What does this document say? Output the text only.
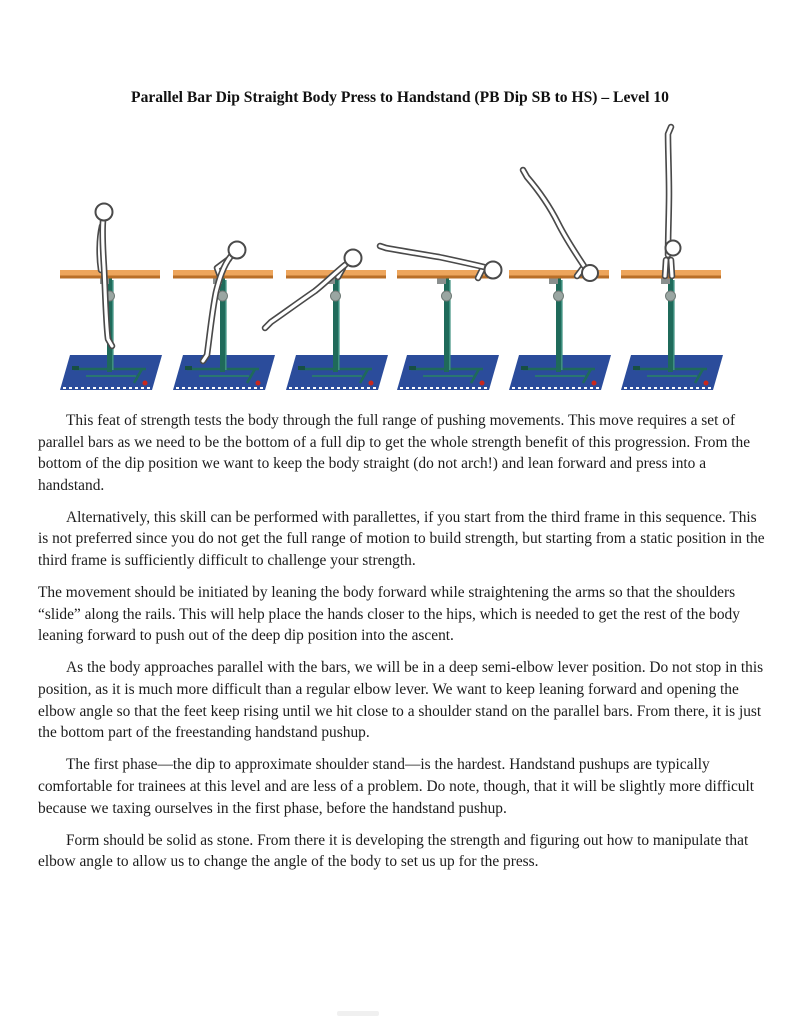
Parallel Bar Dip Straight Body Press to Handstand (PB Dip SB to HS) – Level 10

This feat of strength tests the body through the full range of pushing movements. This move requires a set of parallel bars as we need to be the bottom of a full dip to get the whole strength benefit of this progression. From the bottom of the dip position we want to keep the body straight (do not arch!) and lean forward and press into a handstand.

Alternatively, this skill can be performed with parallettes, if you start from the third frame in this sequence. This is not preferred since you do not get the full range of motion to build strength, but starting from a static position in the third frame is sufficiently difficult to challenge your strength.

The movement should be initiated by leaning the body forward while straightening the arms so that the shoulders “slide” along the rails. This will help place the hands closer to the hips, which is needed to get the rest of the body leaning forward to push out of the deep dip position into the ascent.

As the body approaches parallel with the bars, we will be in a deep semi-elbow lever position. Do not stop in this position, as it is much more difficult than a regular elbow lever. We want to keep leaning forward and opening the elbow angle so that the feet keep rising until we hit close to a shoulder stand on the parallel bars. From there, it is just the bottom part of the freestanding handstand pushup.

The first phase—the dip to approximate shoulder stand—is the hardest. Handstand pushups are typically comfortable for trainees at this level and are less of a problem. Do note, though, that it will be slightly more difficult because we taxing ourselves in the first phase, before the handstand pushup.

Form should be solid as stone. From there it is developing the strength and figuring out how to manipulate that elbow angle to allow us to change the angle of the body to set us up for the press.
